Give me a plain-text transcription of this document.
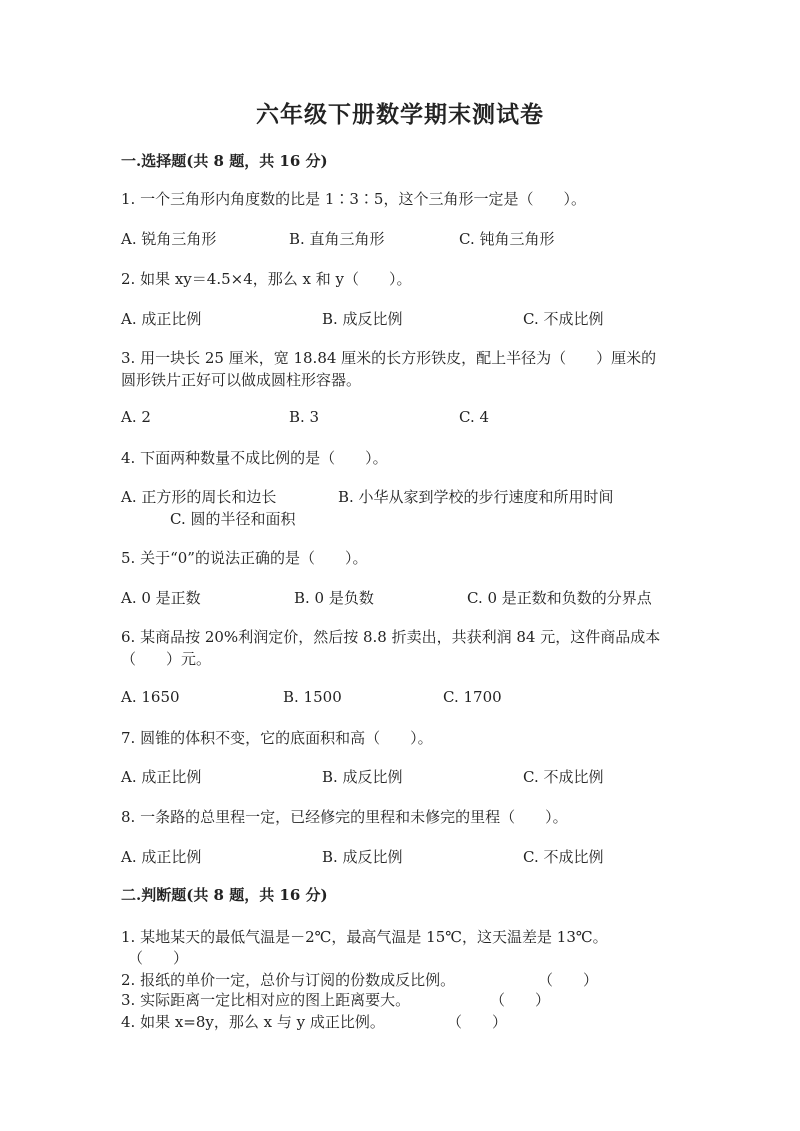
六年级下册数学期末测试卷
一.选择题(共 8 题，共 16 分)
1. 一个三角形内角度数的比是 1∶3∶5，这个三角形一定是（　　）。
A. 锐角三角形	B. 直角三角形	C. 钝角三角形
2. 如果 xy＝4.5×4，那么 x 和 y（　　）。
A. 成正比例	B. 成反比例	C. 不成比例
3. 用一块长 25 厘米，宽 18.84 厘米的长方形铁皮，配上半径为（　　）厘米的
圆形铁片正好可以做成圆柱形容器。
A. 2	B. 3	C. 4
4. 下面两种数量不成比例的是（　　）。
A. 正方形的周长和边长	B. 小华从家到学校的步行速度和所用时间
C. 圆的半径和面积
5. 关于“0”的说法正确的是（　　）。
A. 0 是正数	B. 0 是负数	C. 0 是正数和负数的分界点
6. 某商品按 20%利润定价，然后按 8.8 折卖出，共获利润 84 元，这件商品成本
（　　）元。
A. 1650	B. 1500	C. 1700
7. 圆锥的体积不变，它的底面积和高（　　）。
A. 成正比例	B. 成反比例	C. 不成比例
8. 一条路的总里程一定，已经修完的里程和未修完的里程（　　）。
A. 成正比例	B. 成反比例	C. 不成比例
二.判断题(共 8 题，共 16 分)
1. 某地某天的最低气温是－2℃，最高气温是 15℃，这天温差是 13℃。
（　　）
2. 报纸的单价一定，总价与订阅的份数成反比例。	（　　）
3. 实际距离一定比相对应的图上距离要大。	（　　）
4. 如果 x=8y，那么 x 与 y 成正比例。	（　　）
